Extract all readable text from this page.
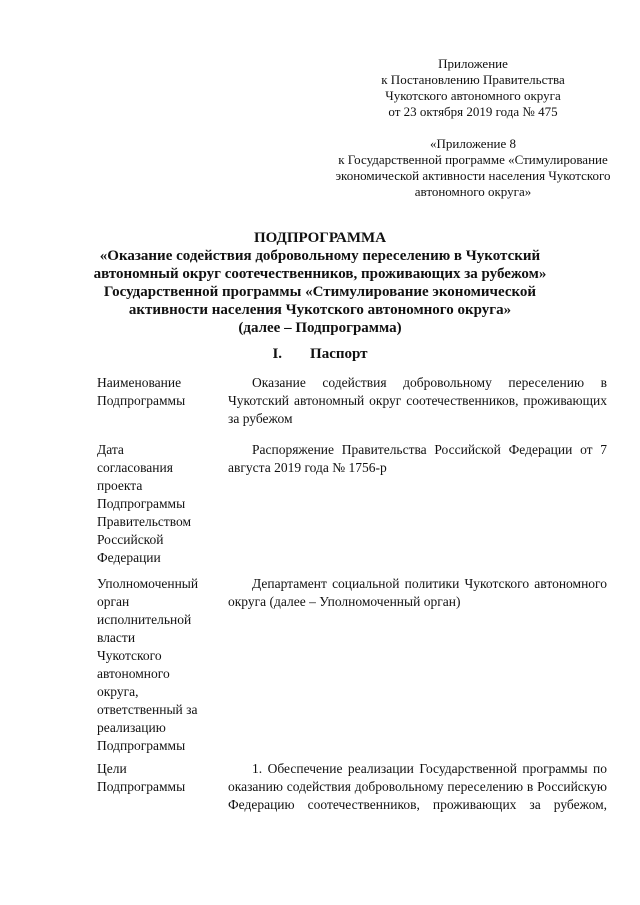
Приложение
к Постановлению Правительства
Чукотского автономного округа
от 23 октября 2019 года № 475
«Приложение 8
к Государственной программе «Стимулирование
экономической активности населения Чукотского
автономного округа»
ПОДПРОГРАММА
«Оказание содействия добровольному переселению в Чукотский
автономный округ соотечественников, проживающих за рубежом»
Государственной программы «Стимулирование экономической
активности населения Чукотского автономного округа»
(далее – Подпрограмма)
I. Паспорт
Наименование
Подпрограммы
Оказание содействия добровольному переселению в Чукотский автономный округ соотечественников, проживающих за рубежом
Дата
согласования
проекта
Подпрограммы
Правительством
Российской
Федерации
Распоряжение Правительства Российской Федерации от 7 августа 2019 года № 1756-р
Уполномоченный
орган
исполнительной
власти
Чукотского
автономного
округа,
ответственный за
реализацию
Подпрограммы
Департамент социальной политики Чукотского автономного округа (далее – Уполномоченный орган)
Цели
Подпрограммы
1. Обеспечение реализации Государственной программы по оказанию содействия добровольному переселению в Российскую Федерацию соотечественников, проживающих за рубежом,
